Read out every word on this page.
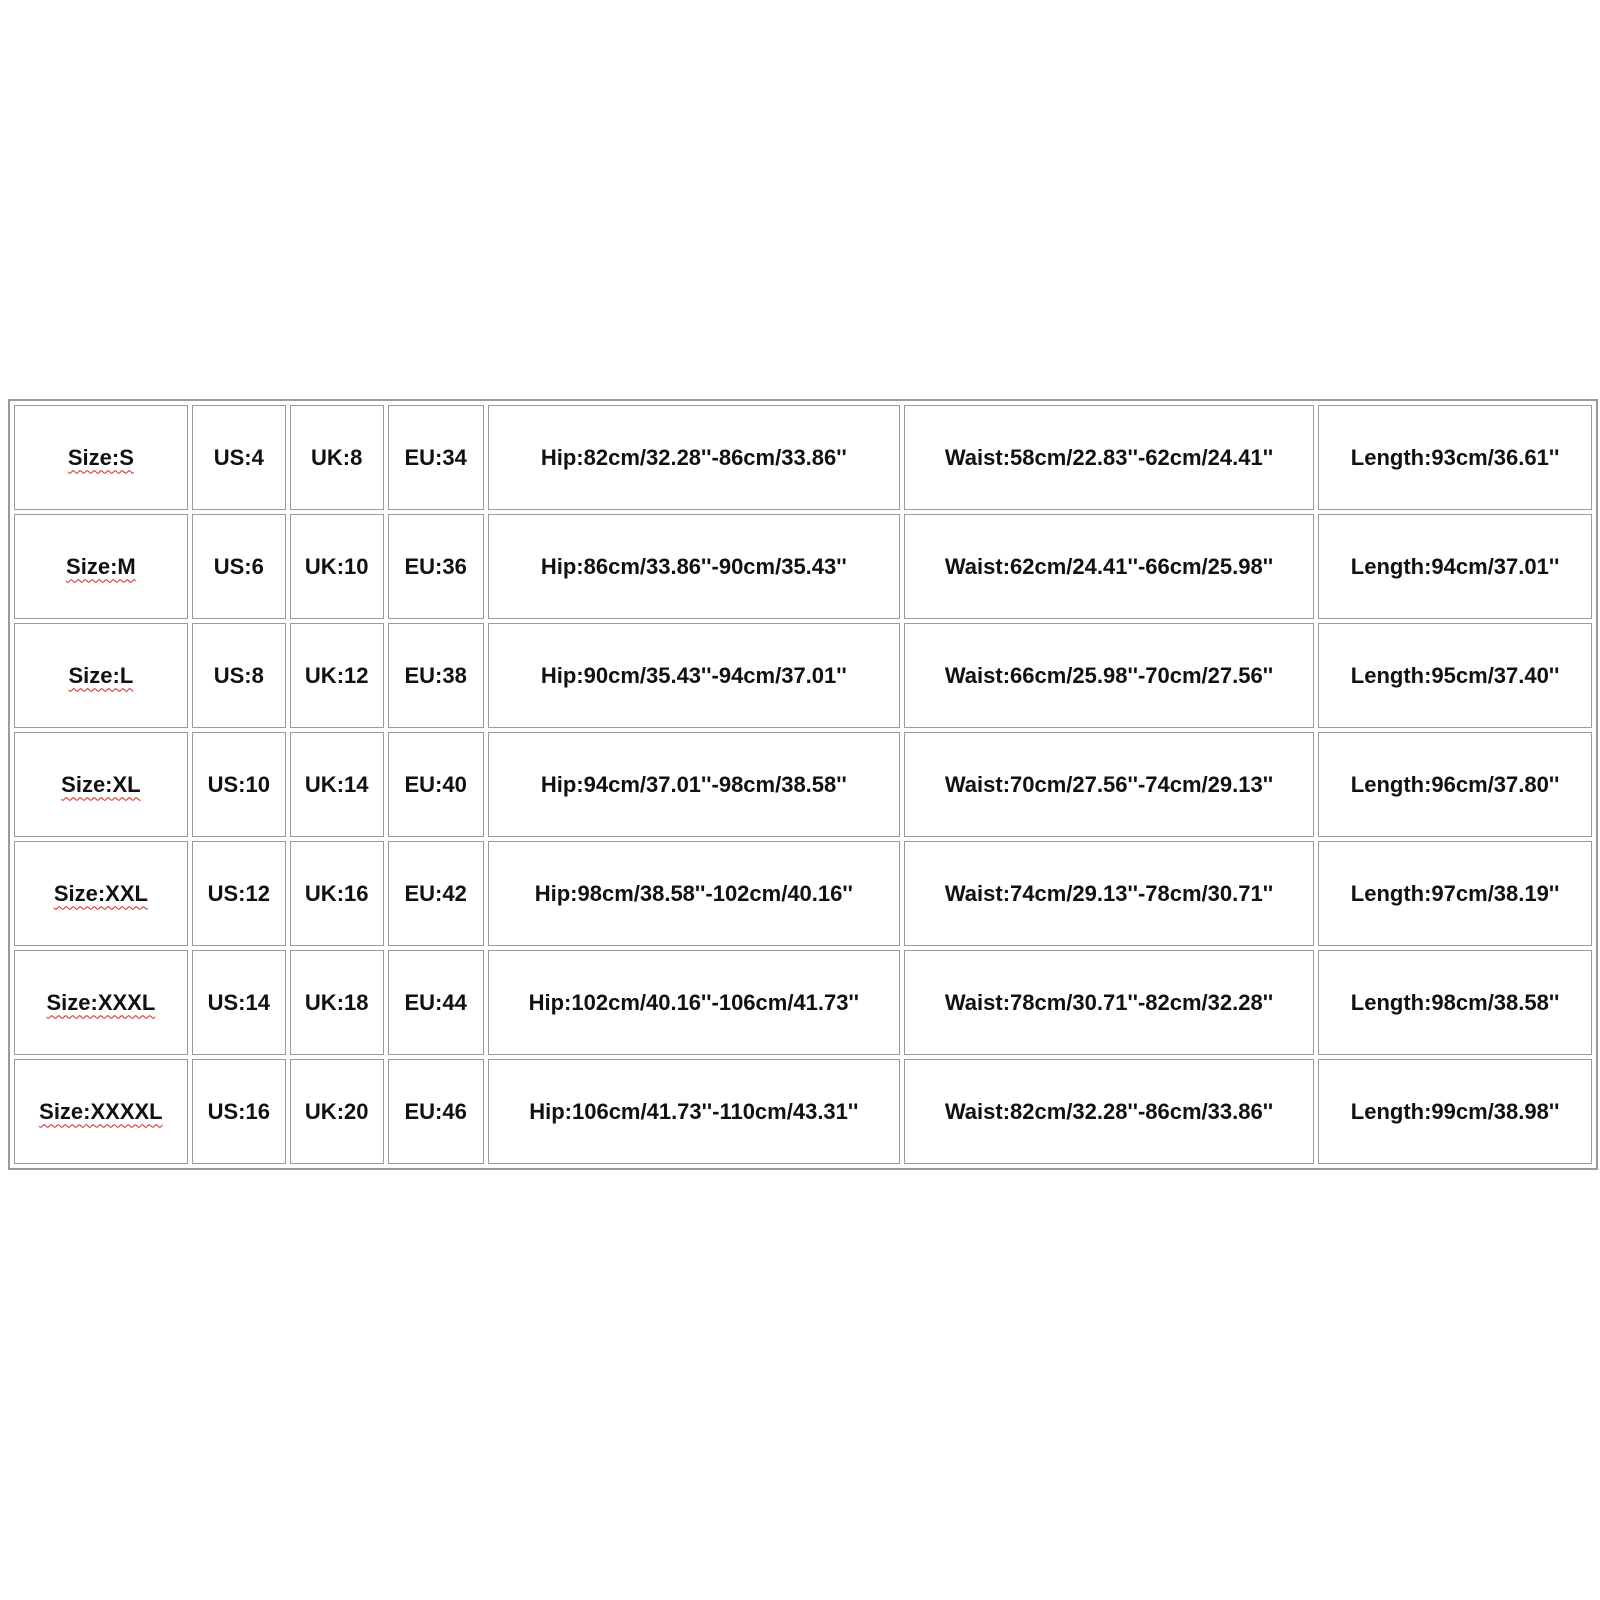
Size:S	US:4	UK:8	EU:34	Hip:82cm/32.28''-86cm/33.86''	Waist:58cm/22.83''-62cm/24.41''	Length:93cm/36.61''
Size:M	US:6	UK:10	EU:36	Hip:86cm/33.86''-90cm/35.43''	Waist:62cm/24.41''-66cm/25.98''	Length:94cm/37.01''
Size:L	US:8	UK:12	EU:38	Hip:90cm/35.43''-94cm/37.01''	Waist:66cm/25.98''-70cm/27.56''	Length:95cm/37.40''
Size:XL	US:10	UK:14	EU:40	Hip:94cm/37.01''-98cm/38.58''	Waist:70cm/27.56''-74cm/29.13''	Length:96cm/37.80''
Size:XXL	US:12	UK:16	EU:42	Hip:98cm/38.58''-102cm/40.16''	Waist:74cm/29.13''-78cm/30.71''	Length:97cm/38.19''
Size:XXXL	US:14	UK:18	EU:44	Hip:102cm/40.16''-106cm/41.73''	Waist:78cm/30.71''-82cm/32.28''	Length:98cm/38.58''
Size:XXXXL	US:16	UK:20	EU:46	Hip:106cm/41.73''-110cm/43.31''	Waist:82cm/32.28''-86cm/33.86''	Length:99cm/38.98''
